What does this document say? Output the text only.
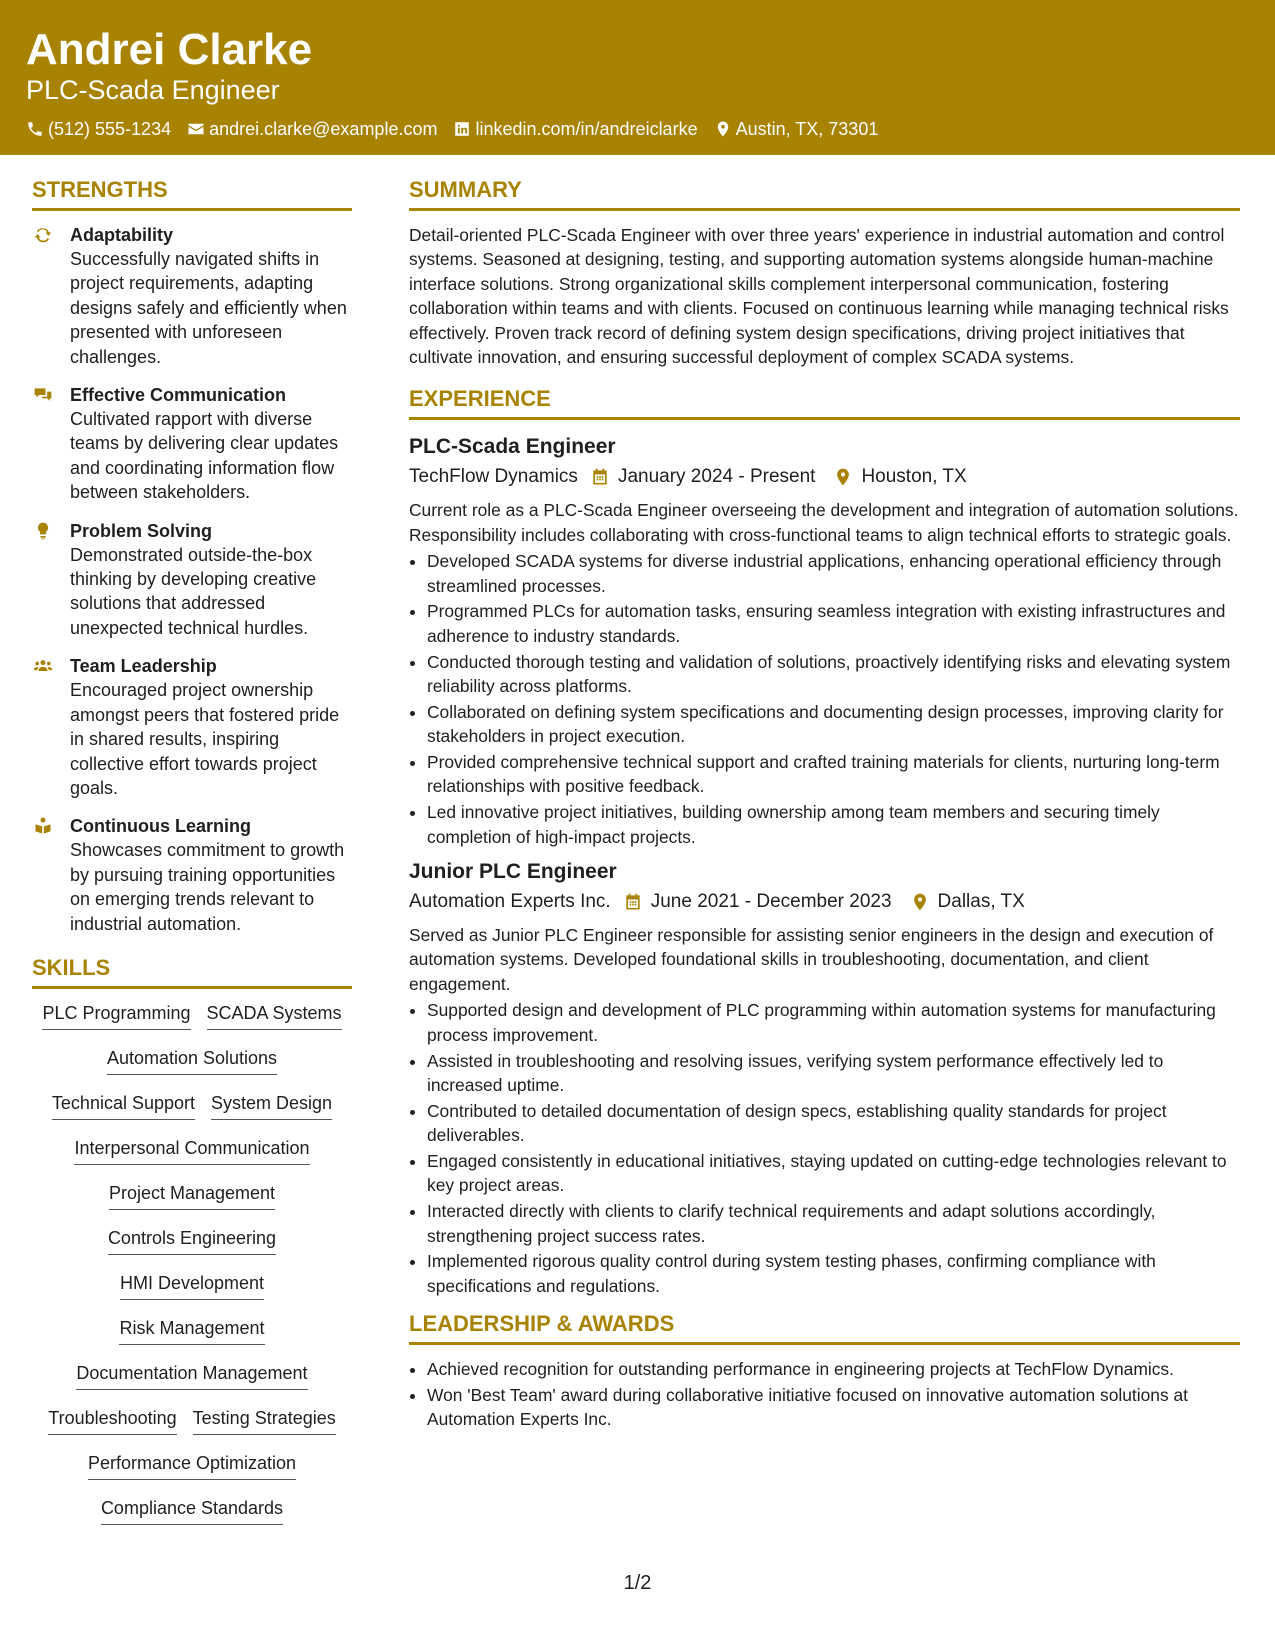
Andrei Clarke
PLC-Scada Engineer
(512) 555-1234 andrei.clarke@example.com linkedin.com/in/andreiclarke Austin, TX, 73301
STRENGTHS
Adaptability
Successfully navigated shifts in project requirements, adapting designs safely and efficiently when presented with unforeseen challenges.
Effective Communication
Cultivated rapport with diverse teams by delivering clear updates and coordinating information flow between stakeholders.
Problem Solving
Demonstrated outside-the-box thinking by developing creative solutions that addressed unexpected technical hurdles.
Team Leadership
Encouraged project ownership amongst peers that fostered pride in shared results, inspiring collective effort towards project goals.
Continuous Learning
Showcases commitment to growth by pursuing training opportunities on emerging trends relevant to industrial automation.
SKILLS
PLC Programming SCADA Systems
Automation Solutions
Technical Support System Design
Interpersonal Communication
Project Management
Controls Engineering
HMI Development
Risk Management
Documentation Management
Troubleshooting Testing Strategies
Performance Optimization
Compliance Standards
SUMMARY
Detail-oriented PLC-Scada Engineer with over three years' experience in industrial automation and control systems. Seasoned at designing, testing, and supporting automation systems alongside human-machine interface solutions. Strong organizational skills complement interpersonal communication, fostering collaboration within teams and with clients. Focused on continuous learning while managing technical risks effectively. Proven track record of defining system design specifications, driving project initiatives that cultivate innovation, and ensuring successful deployment of complex SCADA systems.
EXPERIENCE
PLC-Scada Engineer
TechFlow Dynamics January 2024 - Present Houston, TX
Current role as a PLC-Scada Engineer overseeing the development and integration of automation solutions. Responsibility includes collaborating with cross-functional teams to align technical efforts to strategic goals.
• Developed SCADA systems for diverse industrial applications, enhancing operational efficiency through streamlined processes.
• Programmed PLCs for automation tasks, ensuring seamless integration with existing infrastructures and adherence to industry standards.
• Conducted thorough testing and validation of solutions, proactively identifying risks and elevating system reliability across platforms.
• Collaborated on defining system specifications and documenting design processes, improving clarity for stakeholders in project execution.
• Provided comprehensive technical support and crafted training materials for clients, nurturing long-term relationships with positive feedback.
• Led innovative project initiatives, building ownership among team members and securing timely completion of high-impact projects.
Junior PLC Engineer
Automation Experts Inc. June 2021 - December 2023 Dallas, TX
Served as Junior PLC Engineer responsible for assisting senior engineers in the design and execution of automation systems. Developed foundational skills in troubleshooting, documentation, and client engagement.
• Supported design and development of PLC programming within automation systems for manufacturing process improvement.
• Assisted in troubleshooting and resolving issues, verifying system performance effectively led to increased uptime.
• Contributed to detailed documentation of design specs, establishing quality standards for project deliverables.
• Engaged consistently in educational initiatives, staying updated on cutting-edge technologies relevant to key project areas.
• Interacted directly with clients to clarify technical requirements and adapt solutions accordingly, strengthening project success rates.
• Implemented rigorous quality control during system testing phases, confirming compliance with specifications and regulations.
LEADERSHIP & AWARDS
• Achieved recognition for outstanding performance in engineering projects at TechFlow Dynamics.
• Won 'Best Team' award during collaborative initiative focused on innovative automation solutions at Automation Experts Inc.
1/2
